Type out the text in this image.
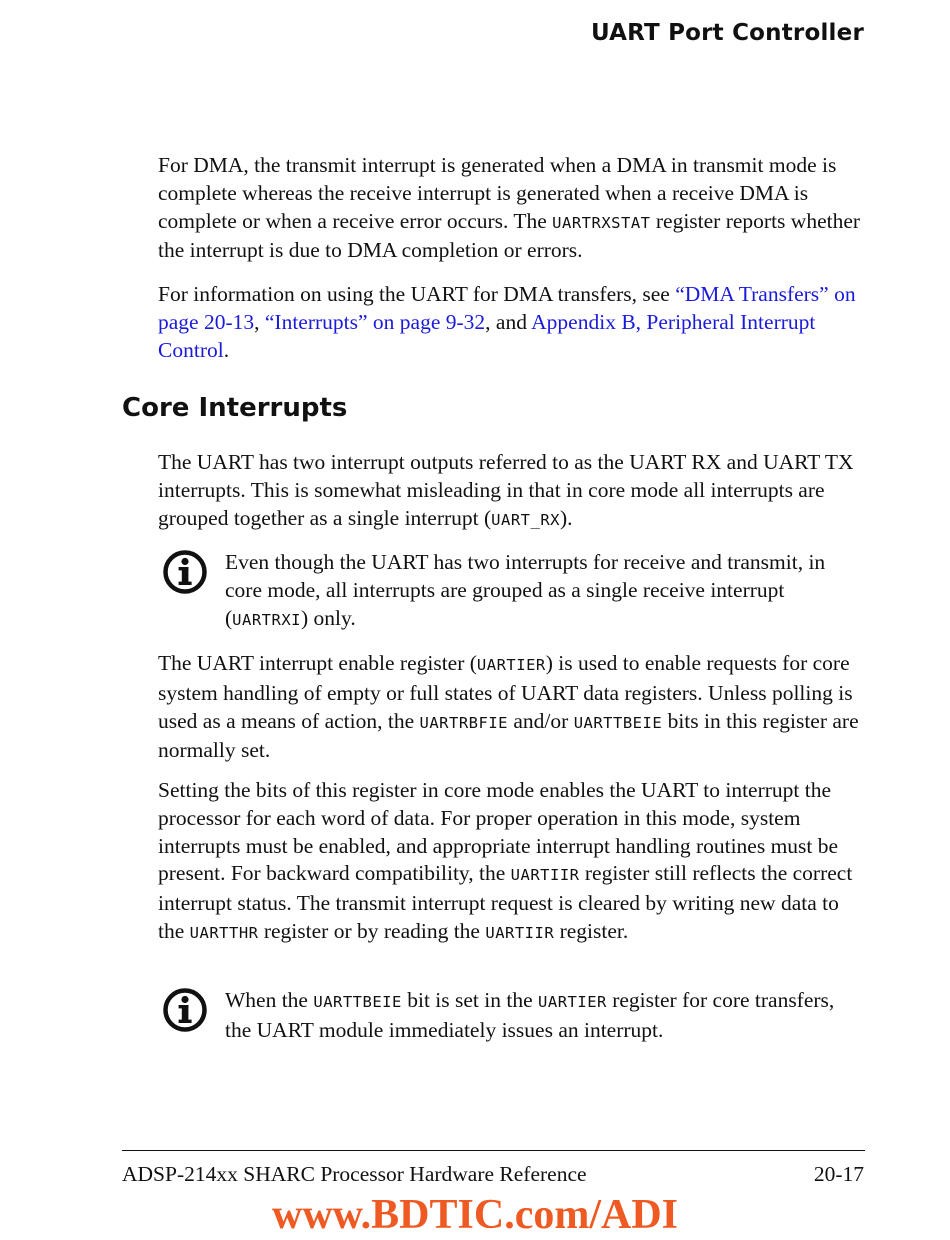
UART Port Controller

For DMA, the transmit interrupt is generated when a DMA in transmit mode is complete whereas the receive interrupt is generated when a receive DMA is complete or when a receive error occurs. The UARTRXSTAT register reports whether the interrupt is due to DMA completion or errors.

For information on using the UART for DMA transfers, see “DMA Transfers” on page 20-13, “Interrupts” on page 9-32, and Appendix B, Peripheral Interrupt Control.

Core Interrupts

The UART has two interrupt outputs referred to as the UART RX and UART TX interrupts. This is somewhat misleading in that in core mode all interrupts are grouped together as a single interrupt (UART_RX).

Even though the UART has two interrupts for receive and transmit, in core mode, all interrupts are grouped as a single receive interrupt (UARTRXI) only.

The UART interrupt enable register (UARTIER) is used to enable requests for core system handling of empty or full states of UART data registers. Unless polling is used as a means of action, the UARTRBFIE and/or UARTTBEIE bits in this register are normally set.

Setting the bits of this register in core mode enables the UART to interrupt the processor for each word of data. For proper operation in this mode, system interrupts must be enabled, and appropriate interrupt handling routines must be present. For backward compatibility, the UARTIIR register still reflects the correct interrupt status. The transmit interrupt request is cleared by writing new data to the UARTTHR register or by reading the UARTIIR register.

When the UARTTBEIE bit is set in the UARTIER register for core transfers, the UART module immediately issues an interrupt.

ADSP-214xx SHARC Processor Hardware Reference	20-17
www.BDTIC.com/ADI
